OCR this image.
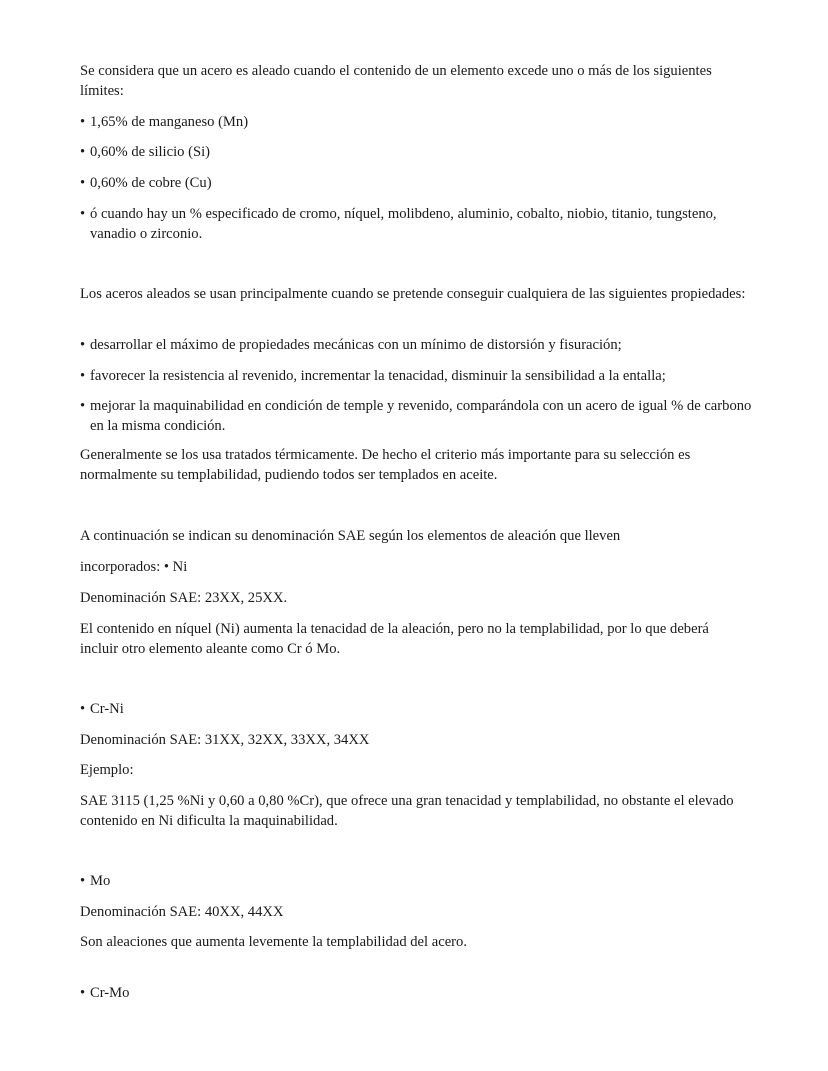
Se considera que un acero es aleado cuando el contenido de un elemento excede uno o más de los siguientes límites:

• 1,65% de manganeso (Mn)
• 0,60% de silicio (Si)
• 0,60% de cobre (Cu)
• ó cuando hay un % especificado de cromo, níquel, molibdeno, aluminio, cobalto, niobio, titanio, tungsteno, vanadio o zirconio.

Los aceros aleados se usan principalmente cuando se pretende conseguir cualquiera de las siguientes propiedades:

• desarrollar el máximo de propiedades mecánicas con un mínimo de distorsión y fisuración;
• favorecer la resistencia al revenido, incrementar la tenacidad, disminuir la sensibilidad a la entalla;
• mejorar la maquinabilidad en condición de temple y revenido, comparándola con un acero de igual % de carbono en la misma condición.

Generalmente se los usa tratados térmicamente. De hecho el criterio más importante para su selección es normalmente su templabilidad, pudiendo todos ser templados en aceite.

A continuación se indican su denominación SAE según los elementos de aleación que lleven

incorporados: • Ni

Denominación SAE: 23XX, 25XX.

El contenido en níquel (Ni) aumenta la tenacidad de la aleación, pero no la templabilidad, por lo que deberá incluir otro elemento aleante como Cr ó Mo.

• Cr-Ni

Denominación SAE: 31XX, 32XX, 33XX, 34XX

Ejemplo:

SAE 3115 (1,25 %Ni y 0,60 a 0,80 %Cr), que ofrece una gran tenacidad y templabilidad, no obstante el elevado contenido en Ni dificulta la maquinabilidad.

• Mo

Denominación SAE: 40XX, 44XX

Son aleaciones que aumenta levemente la templabilidad del acero.

• Cr-Mo
